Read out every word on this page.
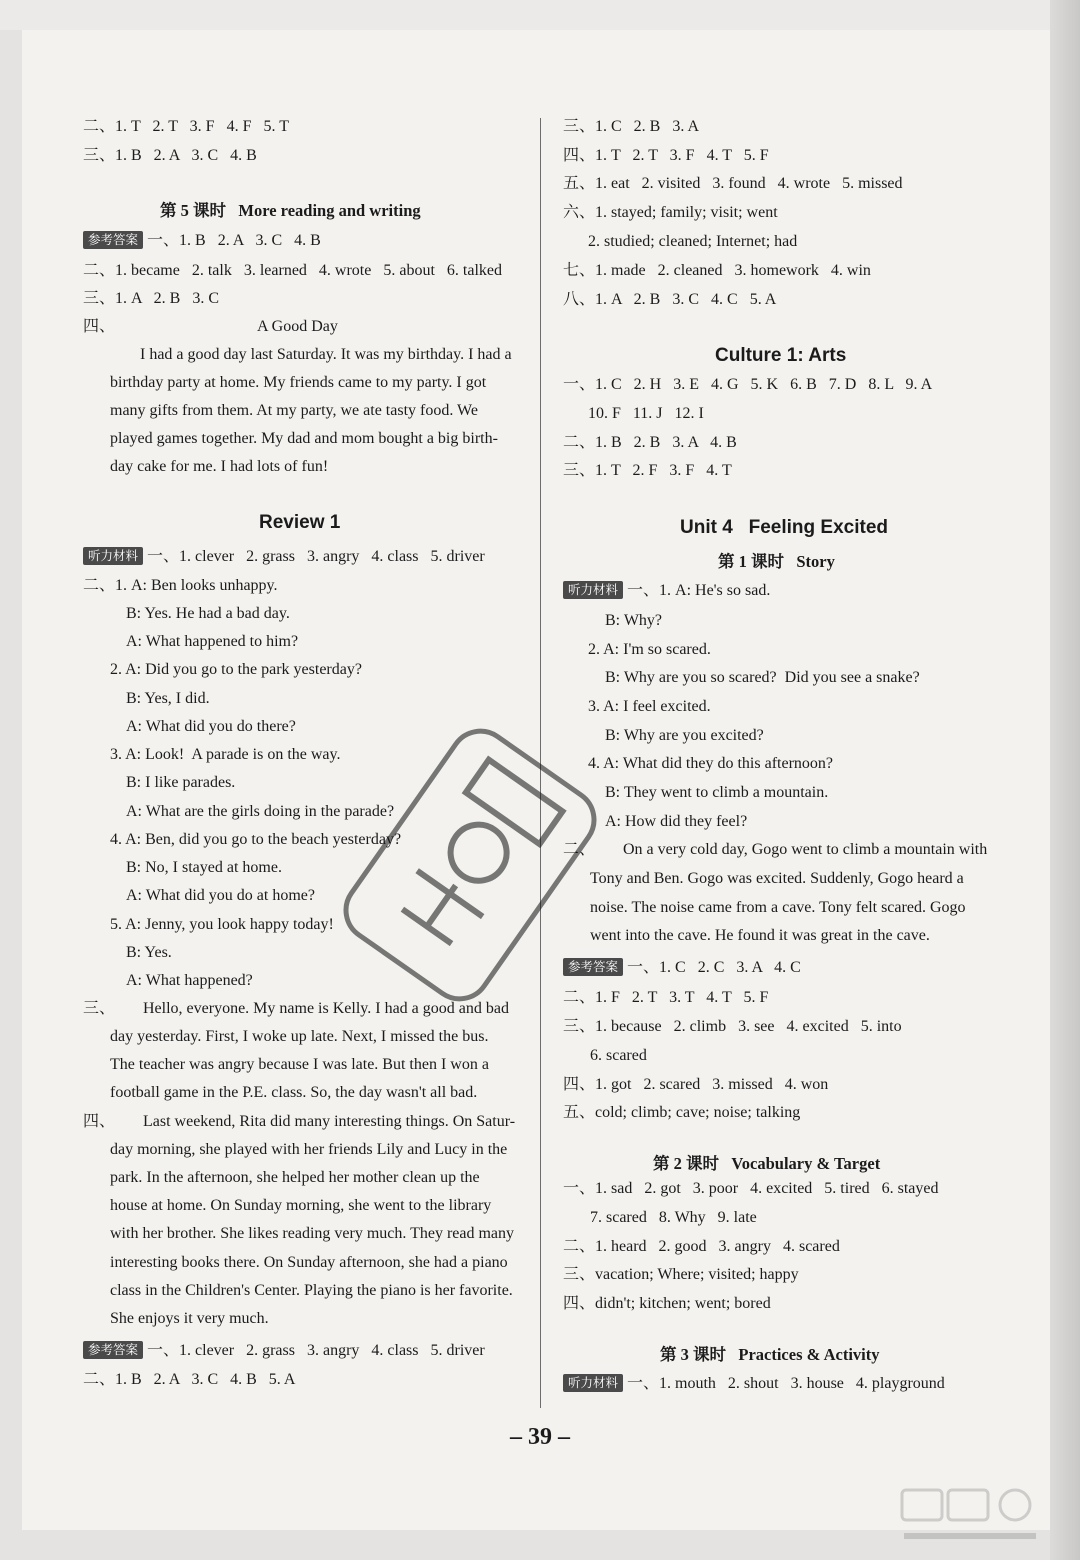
二、1. T   2. T   3. F   4. F   5. T
三、1. B   2. A   3. C   4. B
第 5 课时   More reading and writing
参考答案 一、1. B   2. A   3. C   4. B
二、1. became   2. talk   3. learned   4. wrote   5. about   6. talked
三、1. A   2. B   3. C
四、	A Good Day
I had a good day last Saturday. It was my birthday. I had a
birthday party at home. My friends came to my party. I got
many gifts from them. At my party, we ate tasty food. We
played games together. My dad and mom bought a big birth-
day cake for me. I had lots of fun!
Review 1
听力材料 一、1. clever   2. grass   3. angry   4. class   5. driver
二、1. A: Ben looks unhappy.
B: Yes. He had a bad day.
A: What happened to him?
2. A: Did you go to the park yesterday?
B: Yes, I did.
A: What did you do there?
3. A: Look!  A parade is on the way.
B: I like parades.
A: What are the girls doing in the parade?
4. A: Ben, did you go to the beach yesterday?
B: No, I stayed at home.
A: What did you do at home?
5. A: Jenny, you look happy today!
B: Yes.
A: What happened?
三、 Hello, everyone. My name is Kelly. I had a good and bad
day yesterday. First, I woke up late. Next, I missed the bus.
The teacher was angry because I was late. But then I won a
football game in the P.E. class. So, the day wasn't all bad.
四、 Last weekend, Rita did many interesting things. On Satur-
day morning, she played with her friends Lily and Lucy in the
park. In the afternoon, she helped her mother clean up the
house at home. On Sunday morning, she went to the library
with her brother. She likes reading very much. They read many
interesting books there. On Sunday afternoon, she had a piano
class in the Children's Center. Playing the piano is her favorite.
She enjoys it very much.
参考答案 一、1. clever   2. grass   3. angry   4. class   5. driver
二、1. B   2. A   3. C   4. B   5. A
三、1. C   2. B   3. A
四、1. T   2. T   3. F   4. T   5. F
五、1. eat   2. visited   3. found   4. wrote   5. missed
六、1. stayed; family; visit; went
2. studied; cleaned; Internet; had
七、1. made   2. cleaned   3. homework   4. win
八、1. A   2. B   3. C   4. C   5. A
Culture 1: Arts
一、1. C   2. H   3. E   4. G   5. K   6. B   7. D   8. L   9. A
10. F   11. J   12. I
二、1. B   2. B   3. A   4. B
三、1. T   2. F   3. F   4. T
Unit 4   Feeling Excited
第 1 课时   Story
听力材料 一、1. A: He's so sad.
B: Why?
2. A: I'm so scared.
B: Why are you so scared?  Did you see a snake?
3. A: I feel excited.
B: Why are you excited?
4. A: What did they do this afternoon?
B: They went to climb a mountain.
A: How did they feel?
二、 On a very cold day, Gogo went to climb a mountain with
Tony and Ben. Gogo was excited. Suddenly, Gogo heard a
noise. The noise came from a cave. Tony felt scared. Gogo
went into the cave. He found it was great in the cave.
参考答案 一、1. C   2. C   3. A   4. C
二、1. F   2. T   3. T   4. T   5. F
三、1. because   2. climb   3. see   4. excited   5. into
6. scared
四、1. got   2. scared   3. missed   4. won
五、cold; climb; cave; noise; talking
第 2 课时   Vocabulary & Target
一、1. sad   2. got   3. poor   4. excited   5. tired   6. stayed
7. scared   8. Why   9. late
二、1. heard   2. good   3. angry   4. scared
三、vacation; Where; visited; happy
四、didn't; kitchen; went; bored
第 3 课时   Practices & Activity
听力材料 一、1. mouth   2. shout   3. house   4. playground
– 39 –
